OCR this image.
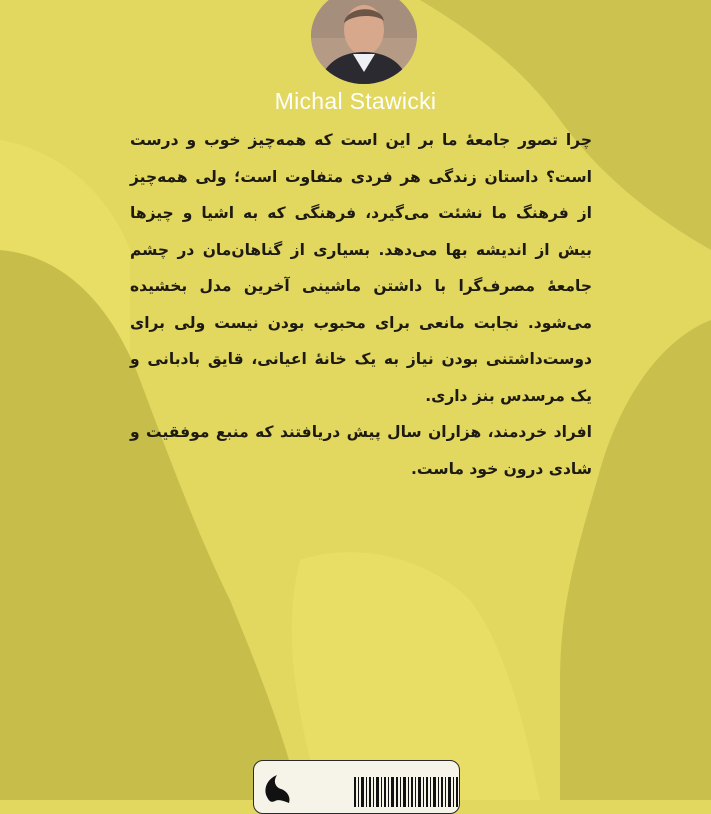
Michal Stawicki

چرا تصور جامعهٔ ما بر این است که همه‌چیز خوب و درست است؟ داستان زندگی هر فردی متفاوت است؛ ولی همه‌چیز از فرهنگ ما نشئت می‌گیرد، فرهنگی که به اشیا و چیزها بیش از اندیشه بها می‌دهد. بسیاری از گناهان‌مان در چشم جامعهٔ مصرف‌گرا با داشتن ماشینی آخرین مدل بخشیده می‌شود. نجابت مانعی برای محبوب بودن نیست ولی برای دوست‌داشتنی بودن نیاز به یک خانهٔ اعیانی، قایق بادبانی و یک مرسدس بنز داری.

افراد خردمند، هزاران سال پیش دریافتند که منبع موفقیت و شادی درون خود ماست.
